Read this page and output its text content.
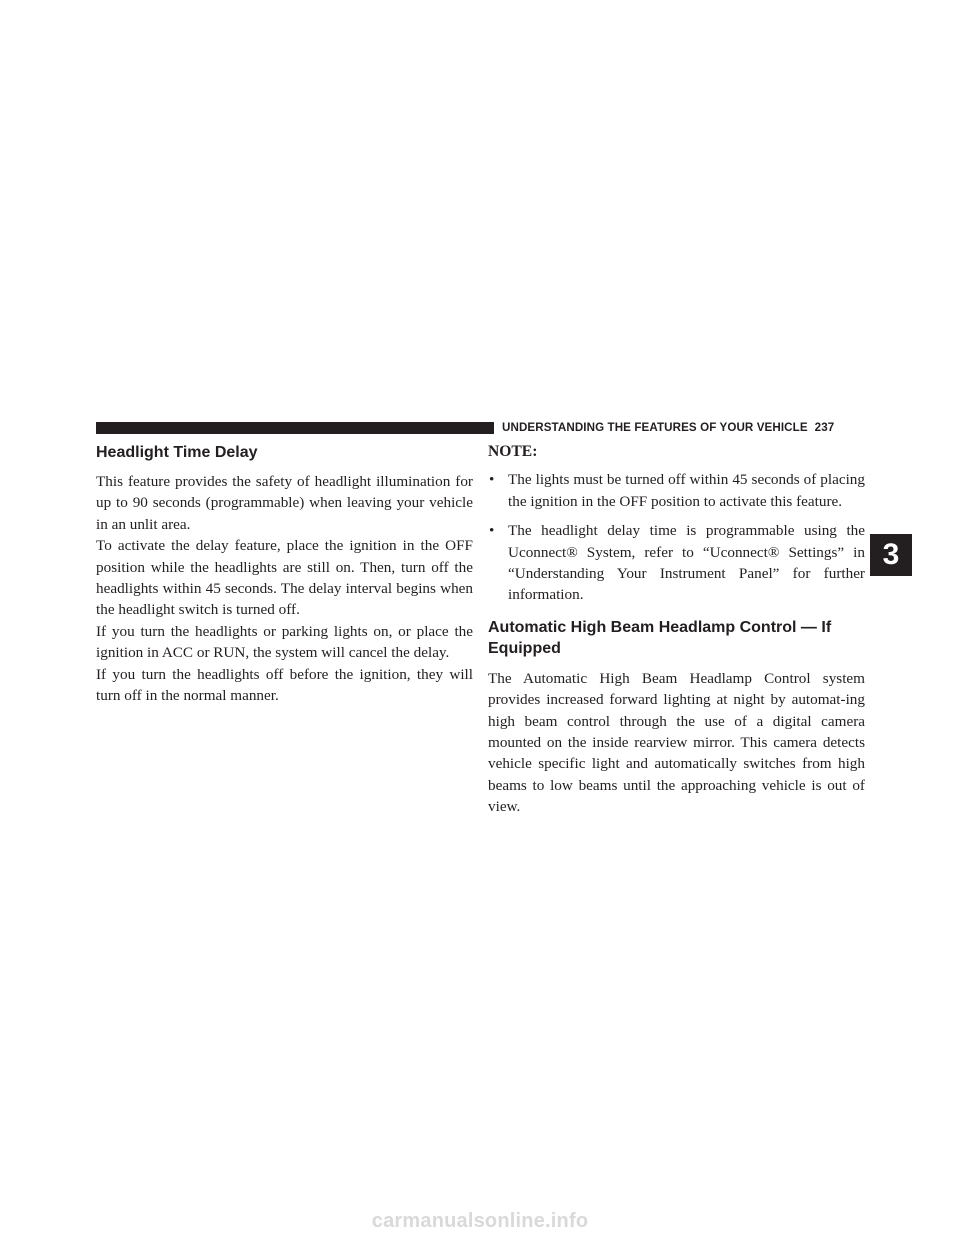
UNDERSTANDING THE FEATURES OF YOUR VEHICLE 237
Headlight Time Delay

This feature provides the safety of headlight illumination for up to 90 seconds (programmable) when leaving your vehicle in an unlit area.

To activate the delay feature, place the ignition in the OFF position while the headlights are still on. Then, turn off the headlights within 45 seconds. The delay interval begins when the headlight switch is turned off.

If you turn the headlights or parking lights on, or place the ignition in ACC or RUN, the system will cancel the delay.

If you turn the headlights off before the ignition, they will turn off in the normal manner.

NOTE:
• The lights must be turned off within 45 seconds of placing the ignition in the OFF position to activate this feature.
• The headlight delay time is programmable using the Uconnect® System, refer to “Uconnect® Settings” in “Understanding Your Instrument Panel” for further information.
Automatic High Beam Headlamp Control — If Equipped

The Automatic High Beam Headlamp Control system provides increased forward lighting at night by automat-ing high beam control through the use of a digital camera mounted on the inside rearview mirror. This camera detects vehicle specific light and automatically switches from high beams to low beams until the approaching vehicle is out of view.

3
carmanualsonline.info
